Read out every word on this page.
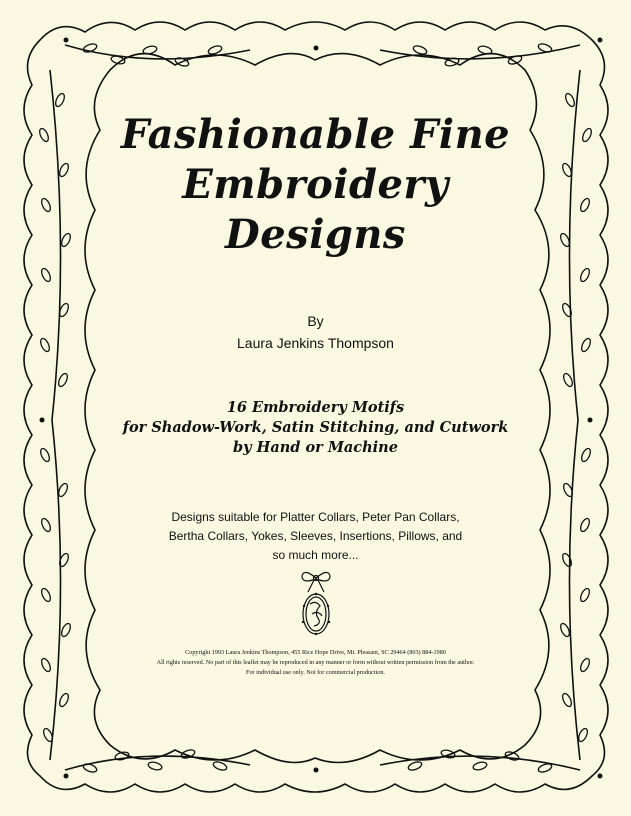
Fashionable Fine
Embroidery
Designs
By
Laura Jenkins Thompson
16 Embroidery Motifs
for Shadow-Work, Satin Stitching, and Cutwork
by Hand or Machine
Designs suitable for Platter Collars, Peter Pan Collars,
Bertha Collars, Yokes, Sleeves, Insertions, Pillows, and
so much more...
Copyright 1993 Laura Jenkins Thompson, 455 Rice Hope Drive, Mt. Pleasant, SC 29464 (803) 884-1980
All rights reserved. No part of this leaflet may be reproduced in any manner or form without written permission from the author.
For individual use only. Not for commercial production.
